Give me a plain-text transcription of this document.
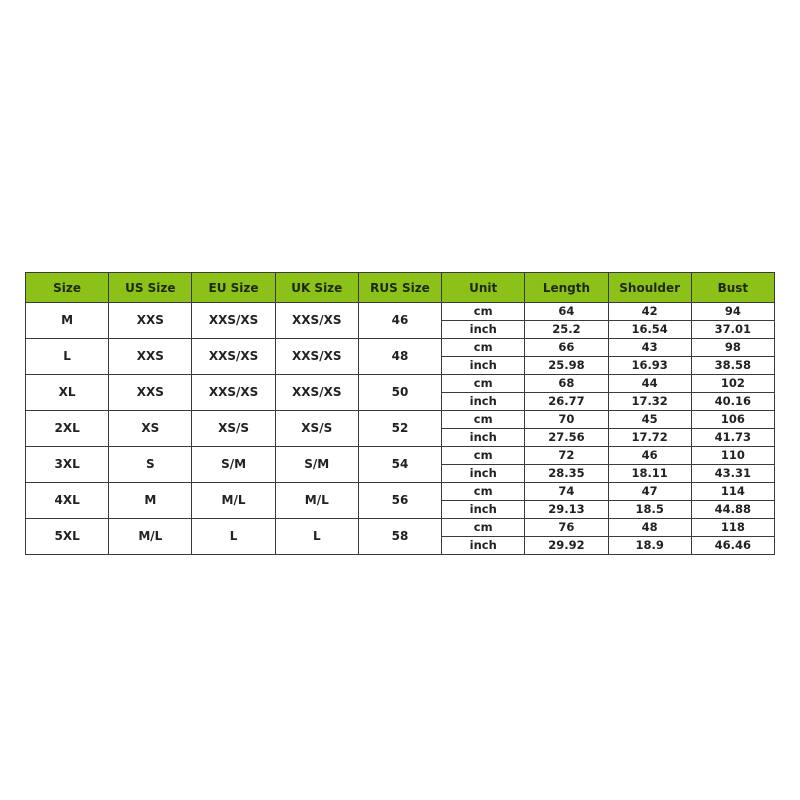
Size	US Size	EU Size	UK Size	RUS Size	Unit	Length	Shoulder	Bust
M	XXS	XXS/XS	XXS/XS	46	cm	64	42	94
					inch	25.2	16.54	37.01
L	XXS	XXS/XS	XXS/XS	48	cm	66	43	98
					inch	25.98	16.93	38.58
XL	XXS	XXS/XS	XXS/XS	50	cm	68	44	102
					inch	26.77	17.32	40.16
2XL	XS	XS/S	XS/S	52	cm	70	45	106
					inch	27.56	17.72	41.73
3XL	S	S/M	S/M	54	cm	72	46	110
					inch	28.35	18.11	43.31
4XL	M	M/L	M/L	56	cm	74	47	114
					inch	29.13	18.5	44.88
5XL	M/L	L	L	58	cm	76	48	118
					inch	29.92	18.9	46.46
